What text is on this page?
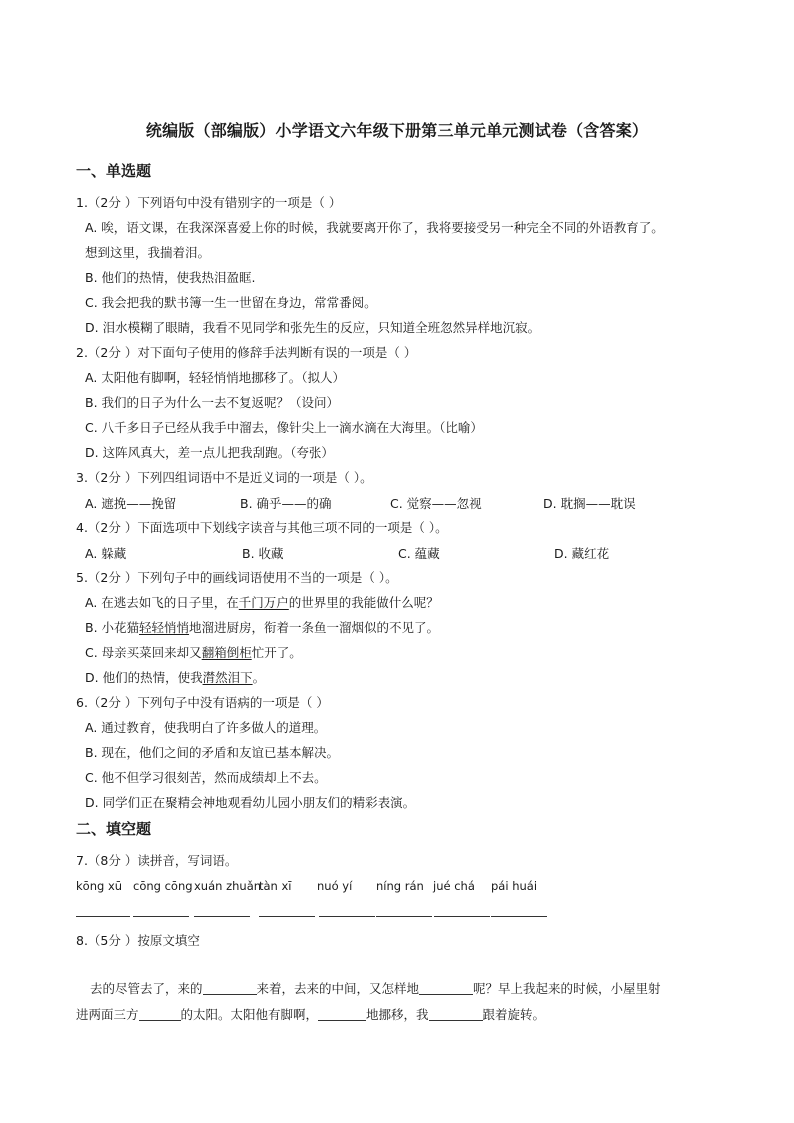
统编版（部编版）小学语文六年级下册第三单元单元测试卷（含答案）
一、单选题
1.（2分 ）下列语句中没有错别字的一项是（ ）
A. 唉，语文课，在我深深喜爱上你的时候，我就要离开你了，我将要接受另一种完全不同的外语教育了。
想到这里，我揣着泪。
B. 他们的热情，使我热泪盈眶.
C. 我会把我的默书簿一生一世留在身边，常常番阅。
D. 泪水模糊了眼睛，我看不见同学和张先生的反应，只知道全班忽然异样地沉寂。
2.（2分 ）对下面句子使用的修辞手法判断有误的一项是（ ）
A. 太阳他有脚啊，轻轻悄悄地挪移了。（拟人）
B. 我们的日子为什么一去不复返呢？（设问）
C. 八千多日子已经从我手中溜去，像针尖上一滴水滴在大海里。（比喻）
D. 这阵风真大，差一点儿把我刮跑。（夸张）
3.（2分 ）下列四组词语中不是近义词的一项是（ ）。
A. 遮挽——挽留	B. 确乎——的确	C. 觉察——忽视	D. 耽搁——耽误
4.（2分 ）下面选项中下划线字读音与其他三项不同的一项是（ ）。
A. 躲藏	B. 收藏	C. 蕴藏	D. 藏红花
5.（2分 ）下列句子中的画线词语使用不当的一项是（ ）。
A. 在逃去如飞的日子里，在千门万户的世界里的我能做什么呢？
B. 小花猫轻轻悄悄地溜进厨房，衔着一条鱼一溜烟似的不见了。
C. 母亲买菜回来却又翻箱倒柜忙开了。
D. 他们的热情，使我潸然泪下。
6.（2分 ）下列句子中没有语病的一项是（ ）
A. 通过教育，使我明白了许多做人的道理。
B. 现在，他们之间的矛盾和友谊已基本解决。
C. 他不但学习很刻苦，然而成绩却上不去。
D. 同学们正在聚精会神地观看幼儿园小朋友们的精彩表演。
二、填空题
7.（8分 ）读拼音，写词语。
kōng xū cōng cōng xuán zhuǎn
tàn xī nuó yí níng rán jué chá pái huái
8.（5分 ）按原文填空
去的尽管去了，来的	来着，去来的中间，又怎样地	呢？早上我起来的时候，小屋里射
进两面三方	的太阳。太阳他有脚啊，	地挪移，我	跟着旋转。
